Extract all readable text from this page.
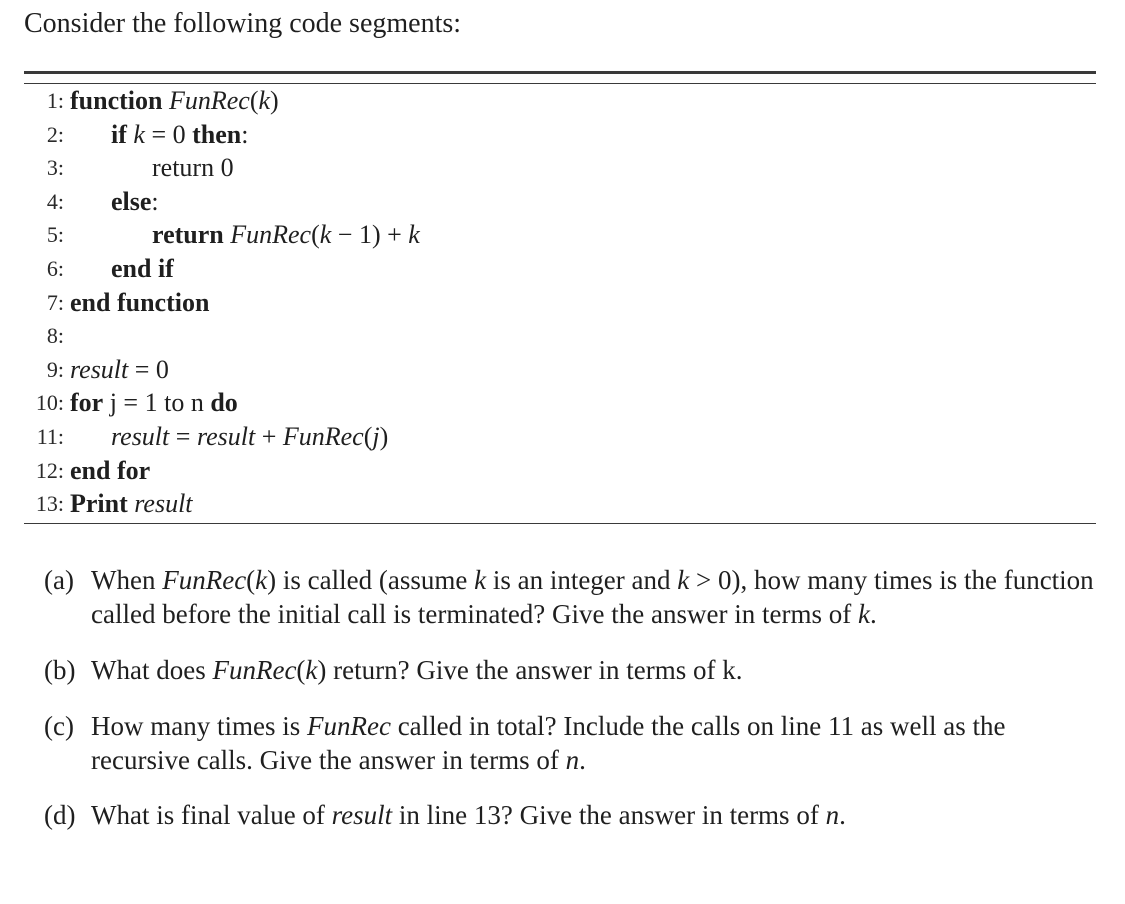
Consider the following code segments:
1: function FunRec(k)
2: if k = 0 then:
3:	return 0
4: else:
5:	return FunRec(k − 1) + k
6: end if
7: end function
8:
9: result = 0
10: for j = 1 to n do
11: result = result + FunRec(j)
12: end for
13: Print result
(a) When FunRec(k) is called (assume k is an integer and k > 0), how many times is the function called before the initial call is terminated? Give the answer in terms of k.
(b) What does FunRec(k) return? Give the answer in terms of k.
(c) How many times is FunRec called in total? Include the calls on line 11 as well as the recursive calls. Give the answer in terms of n.
(d) What is final value of result in line 13? Give the answer in terms of n.
